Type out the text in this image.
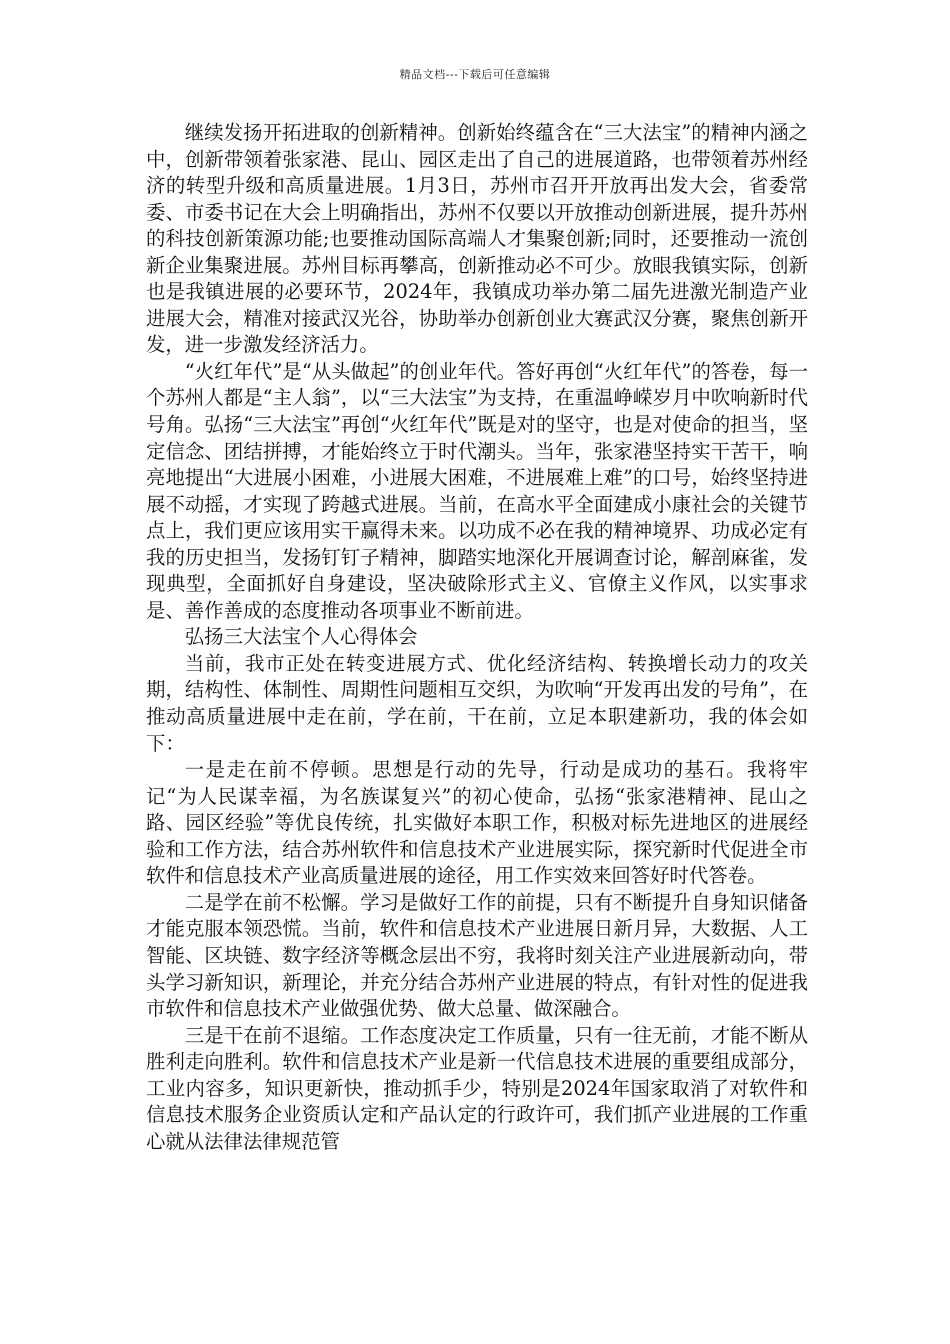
精品文档---下载后可任意编辑

继续发扬开拓进取的创新精神。创新始终蕴含在“三大法宝”的精神内涵之中，创新带领着张家港、昆山、园区走出了自己的进展道路，也带领着苏州经济的转型升级和高质量进展。1月3日，苏州市召开开放再出发大会，省委常委、市委书记在大会上明确指出，苏州不仅要以开放推动创新进展，提升苏州的科技创新策源功能;也要推动国际高端人才集聚创新;同时，还要推动一流创新企业集聚进展。苏州目标再攀高，创新推动必不可少。放眼我镇实际，创新也是我镇进展的必要环节，2024年，我镇成功举办第二届先进激光制造产业进展大会，精准对接武汉光谷，协助举办创新创业大赛武汉分赛，聚焦创新开发，进一步激发经济活力。

“火红年代”是“从头做起”的创业年代。答好再创“火红年代”的答卷，每一个苏州人都是“主人翁”，以“三大法宝”为支持，在重温峥嵘岁月中吹响新时代号角。弘扬“三大法宝”再创“火红年代”既是对的坚守，也是对使命的担当，坚定信念、团结拼搏，才能始终立于时代潮头。当年，张家港坚持实干苦干，响亮地提出“大进展小困难，小进展大困难，不进展难上难”的口号，始终坚持进展不动摇，才实现了跨越式进展。当前，在高水平全面建成小康社会的关键节点上，我们更应该用实干赢得未来。以功成不必在我的精神境界、功成必定有我的历史担当，发扬钉钉子精神，脚踏实地深化开展调查讨论，解剖麻雀，发现典型，全面抓好自身建设，坚决破除形式主义、官僚主义作风，以实事求是、善作善成的态度推动各项事业不断前进。

弘扬三大法宝个人心得体会

当前，我市正处在转变进展方式、优化经济结构、转换增长动力的攻关期，结构性、体制性、周期性问题相互交织，为吹响“开发再出发的号角”，在推动高质量进展中走在前，学在前，干在前，立足本职建新功，我的体会如下：

一是走在前不停顿。思想是行动的先导，行动是成功的基石。我将牢记“为人民谋幸福，为名族谋复兴”的初心使命，弘扬“张家港精神、昆山之路、园区经验”等优良传统，扎实做好本职工作，积极对标先进地区的进展经验和工作方法，结合苏州软件和信息技术产业进展实际，探究新时代促进全市软件和信息技术产业高质量进展的途径，用工作实效来回答好时代答卷。

二是学在前不松懈。学习是做好工作的前提，只有不断提升自身知识储备才能克服本领恐慌。当前，软件和信息技术产业进展日新月异，大数据、人工智能、区块链、数字经济等概念层出不穷，我将时刻关注产业进展新动向，带头学习新知识，新理论，并充分结合苏州产业进展的特点，有针对性的促进我市软件和信息技术产业做强优势、做大总量、做深融合。

三是干在前不退缩。工作态度决定工作质量，只有一往无前，才能不断从胜利走向胜利。软件和信息技术产业是新一代信息技术进展的重要组成部分，工业内容多，知识更新快，推动抓手少，特别是2024年国家取消了对软件和信息技术服务企业资质认定和产品认定的行政许可，我们抓产业进展的工作重心就从法律法律规范管
